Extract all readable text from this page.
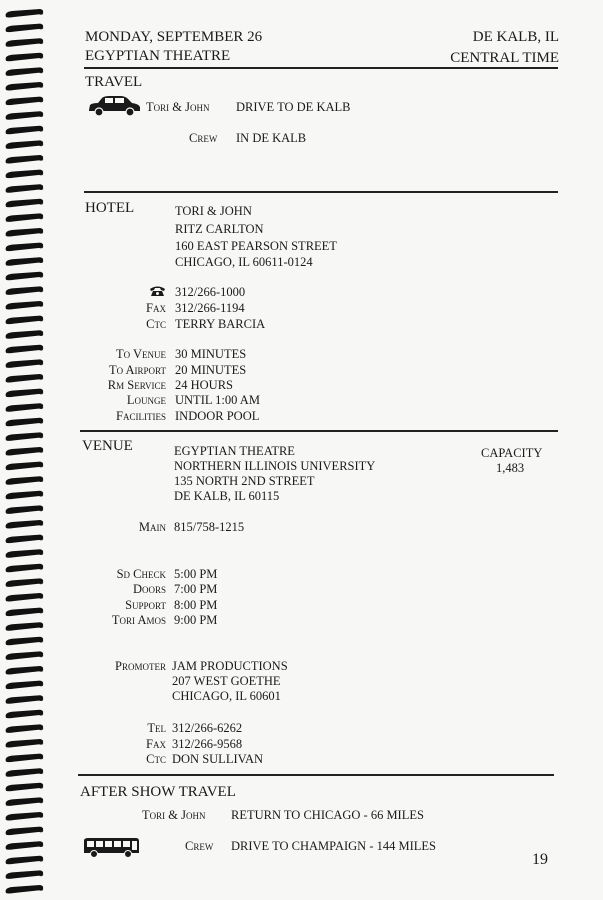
MONDAY, SEPTEMBER 26
EGYPTIAN THEATRE
DE KALB, IL
CENTRAL TIME
TRAVEL
Tori & John DRIVE TO DE KALB
Crew IN DE KALB
HOTEL	TORI & JOHN
RITZ CARLTON
160 EAST PEARSON STREET
CHICAGO, IL 60611-0124
312/266-1000
Fax 312/266-1194
Ctc TERRY BARCIA
To Venue 30 MINUTES
To Airport 20 MINUTES
Rm Service 24 HOURS
Lounge UNTIL 1:00 AM
Facilities INDOOR POOL
VENUE	EGYPTIAN THEATRE
NORTHERN ILLINOIS UNIVERSITY
135 NORTH 2ND STREET
DE KALB, IL 60115
CAPACITY
1,483
Main 815/758-1215
Sd Check 5:00 PM
Doors 7:00 PM
Support 8:00 PM
Tori Amos 9:00 PM
Promoter JAM PRODUCTIONS
207 WEST GOETHE
CHICAGO, IL 60601
Tel 312/266-6262
Fax 312/266-9568
Ctc DON SULLIVAN
AFTER SHOW TRAVEL
Tori & John RETURN TO CHICAGO - 66 MILES
Crew DRIVE TO CHAMPAIGN - 144 MILES
19
